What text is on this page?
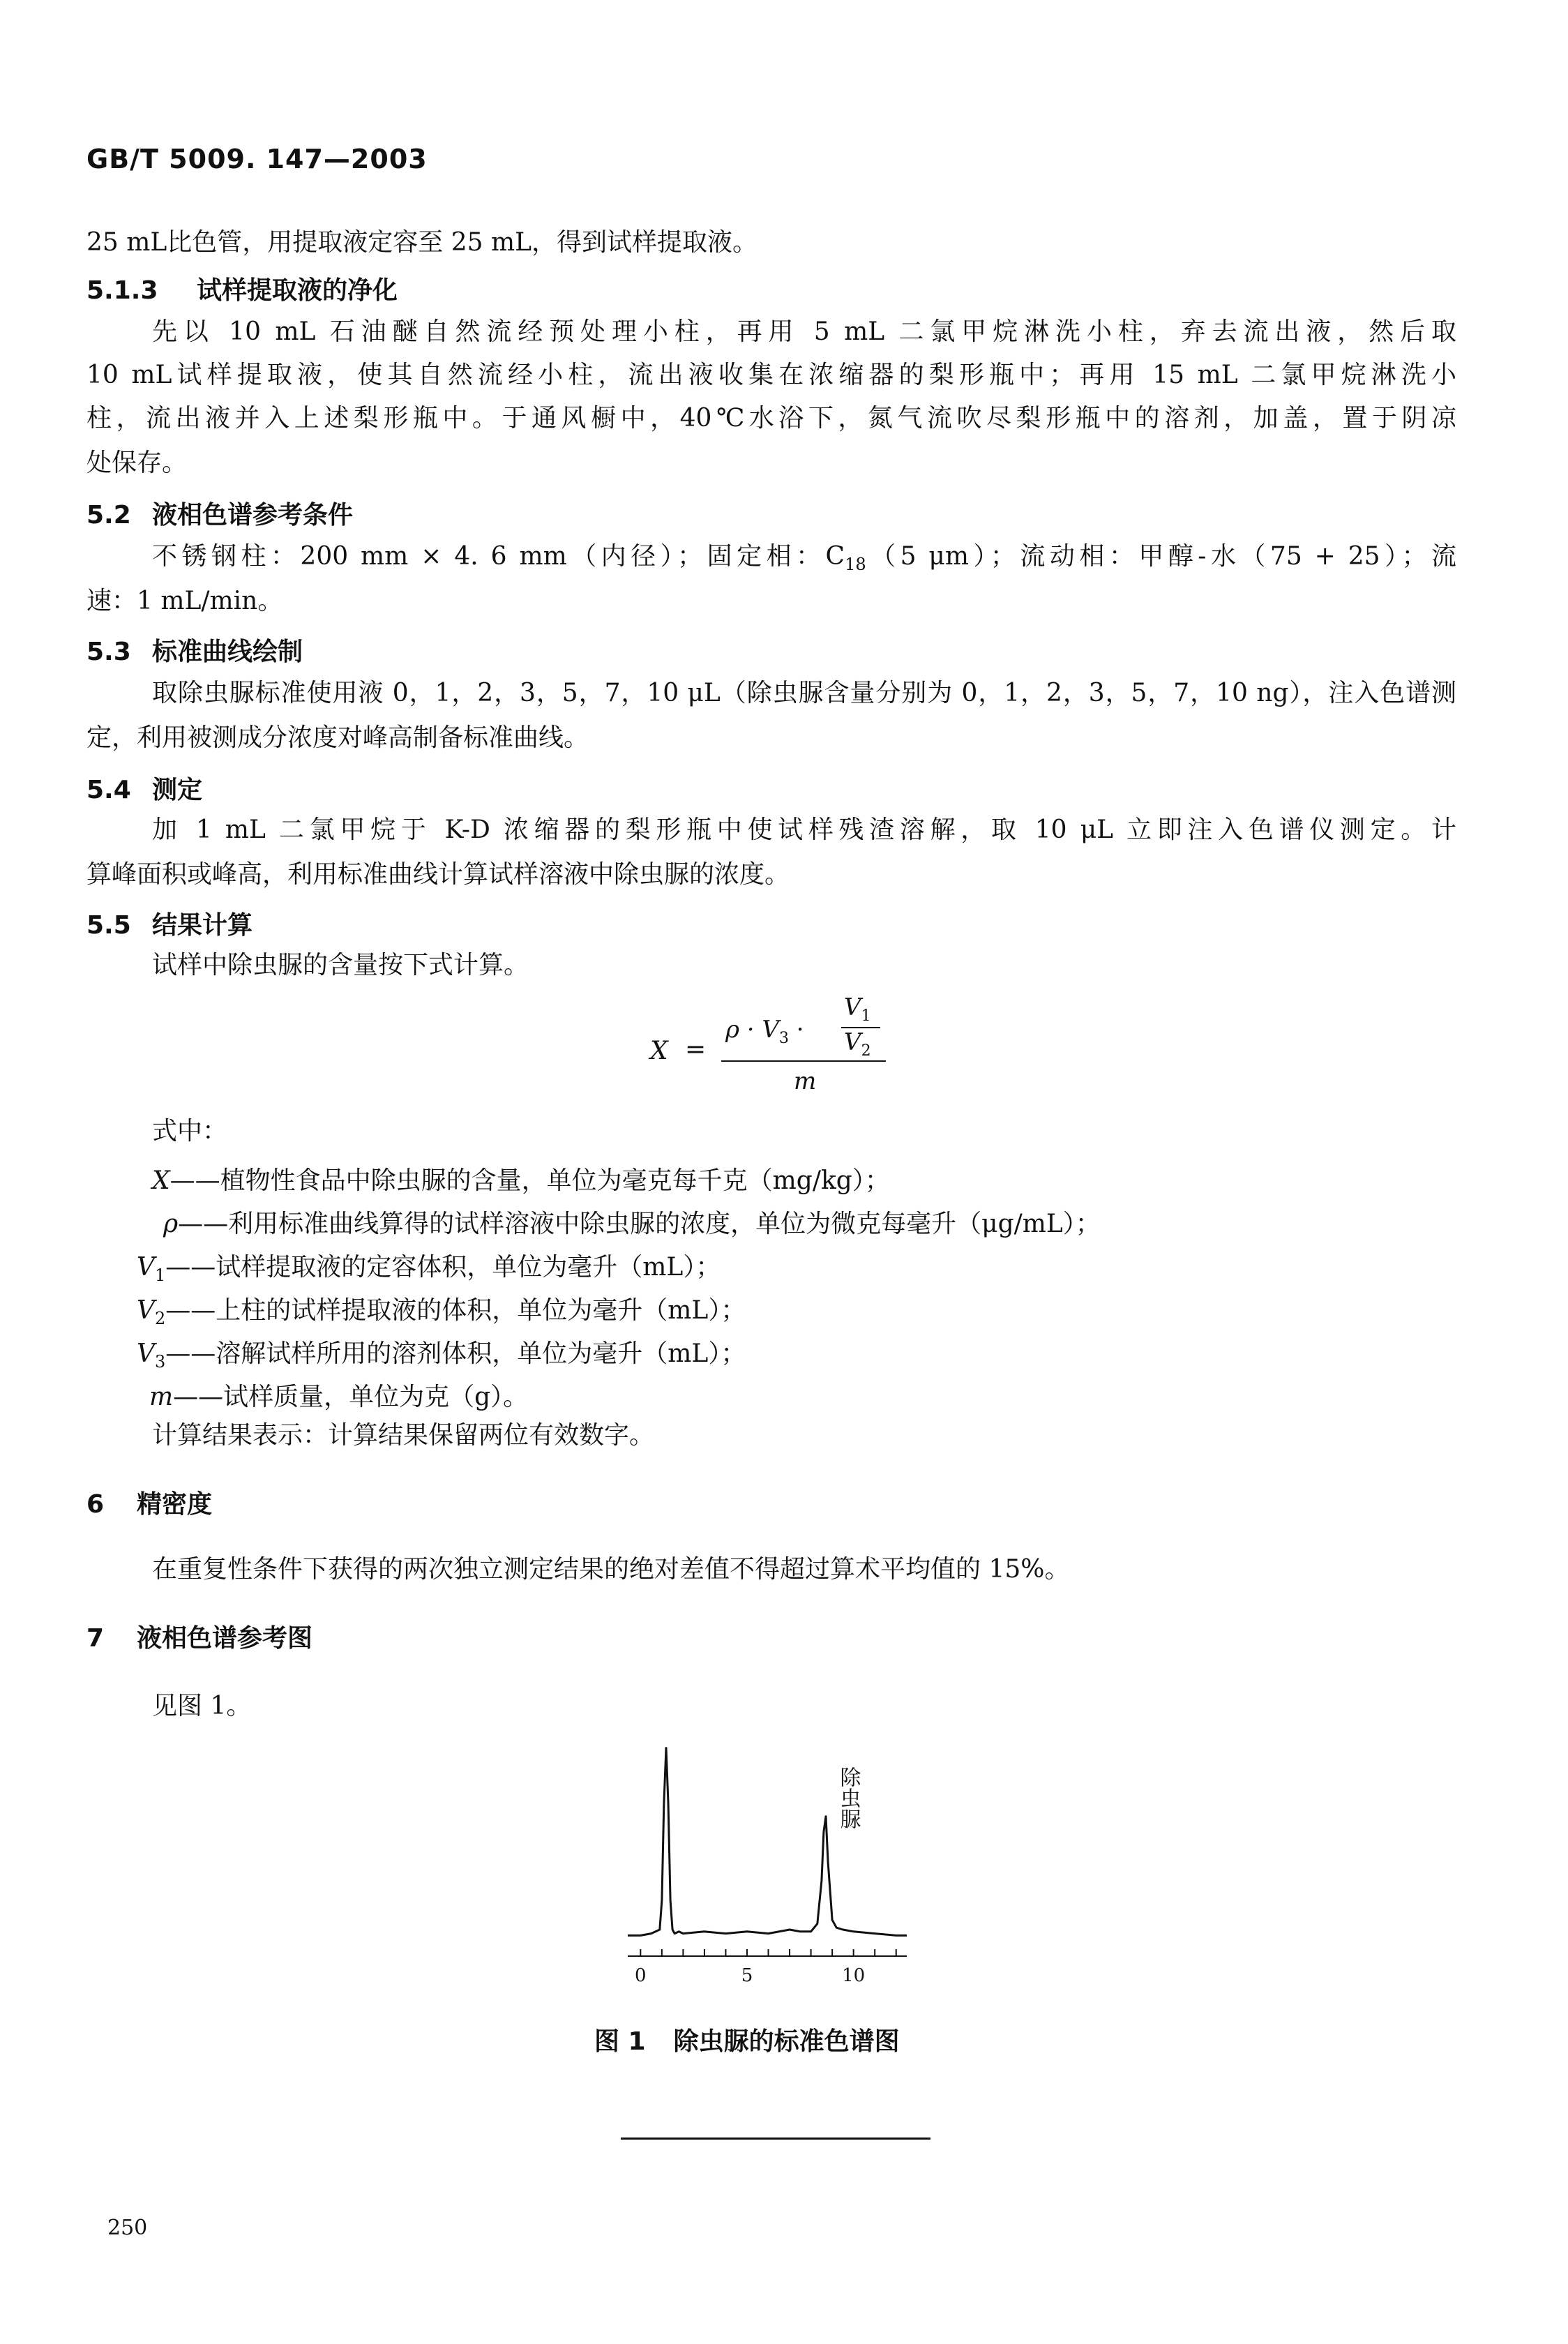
GB/T 5009. 147—2003
25 mL比色管，用提取液定容至 25 mL，得到试样提取液。
5.1.3 试样提取液的净化
先以 10 mL 石油醚自然流经预处理小柱，再用 5 mL 二氯甲烷淋洗小柱，弃去流出液，然后取
10 mL试样提取液，使其自然流经小柱，流出液收集在浓缩器的梨形瓶中；再用 15 mL 二氯甲烷淋洗小
柱，流出液并入上述梨形瓶中。于通风橱中，40℃水浴下，氮气流吹尽梨形瓶中的溶剂，加盖，置于阴凉
处保存。
5.2 液相色谱参考条件
不锈钢柱：200 mm × 4. 6 mm（内径）；固定相：$C_{18}(5$ μm）；流动相：甲醇-水（75 + 25）；流
速：1 mL/min。
5.3 标准曲线绘制
取除虫脲标准使用液 0，1，2，3，5，7，10 μL（除虫脲含量分别为 0，1，2，3，5，7，10 ng），注入色谱测
定，利用被测成分浓度对峰高制备标准曲线。
5.4 测定
加 1 mL 二氯甲烷于 K-D 浓缩器的梨形瓶中使试样残渣溶解，取 10 μL 立即注入色谱仪测定。计
算峰面积或峰高，利用标准曲线计算试样溶液中除虫脲的浓度。
5.5 结果计算
试样中除虫脲的含量按下式计算。
X =
$\rho \cdot V_3$ ·
$V_1$
$V_2$
m
式中：
X——植物性食品中除虫脲的含量，单位为毫克每千克（mg/kg）；
ρ——利用标准曲线算得的试样溶液中除虫脲的浓度，单位为微克每毫升（μg/mL）；
$V_1——$试样提取液的定容体积，单位为毫升（mL）；
$V_2——$上柱的试样提取液的体积，单位为毫升（mL）；
$V_3——$溶解试样所用的溶剂体积，单位为毫升（mL）；
m——试样质量，单位为克（g）。
计算结果表示：计算结果保留两位有效数字。
6 精密度
在重复性条件下获得的两次独立测定结果的绝对差值不得超过算术平均值的 15%。
7 液相色谱参考图
见图 1。
0	5	10
除虫脲
图 1 除虫脲的标准色谱图
250
